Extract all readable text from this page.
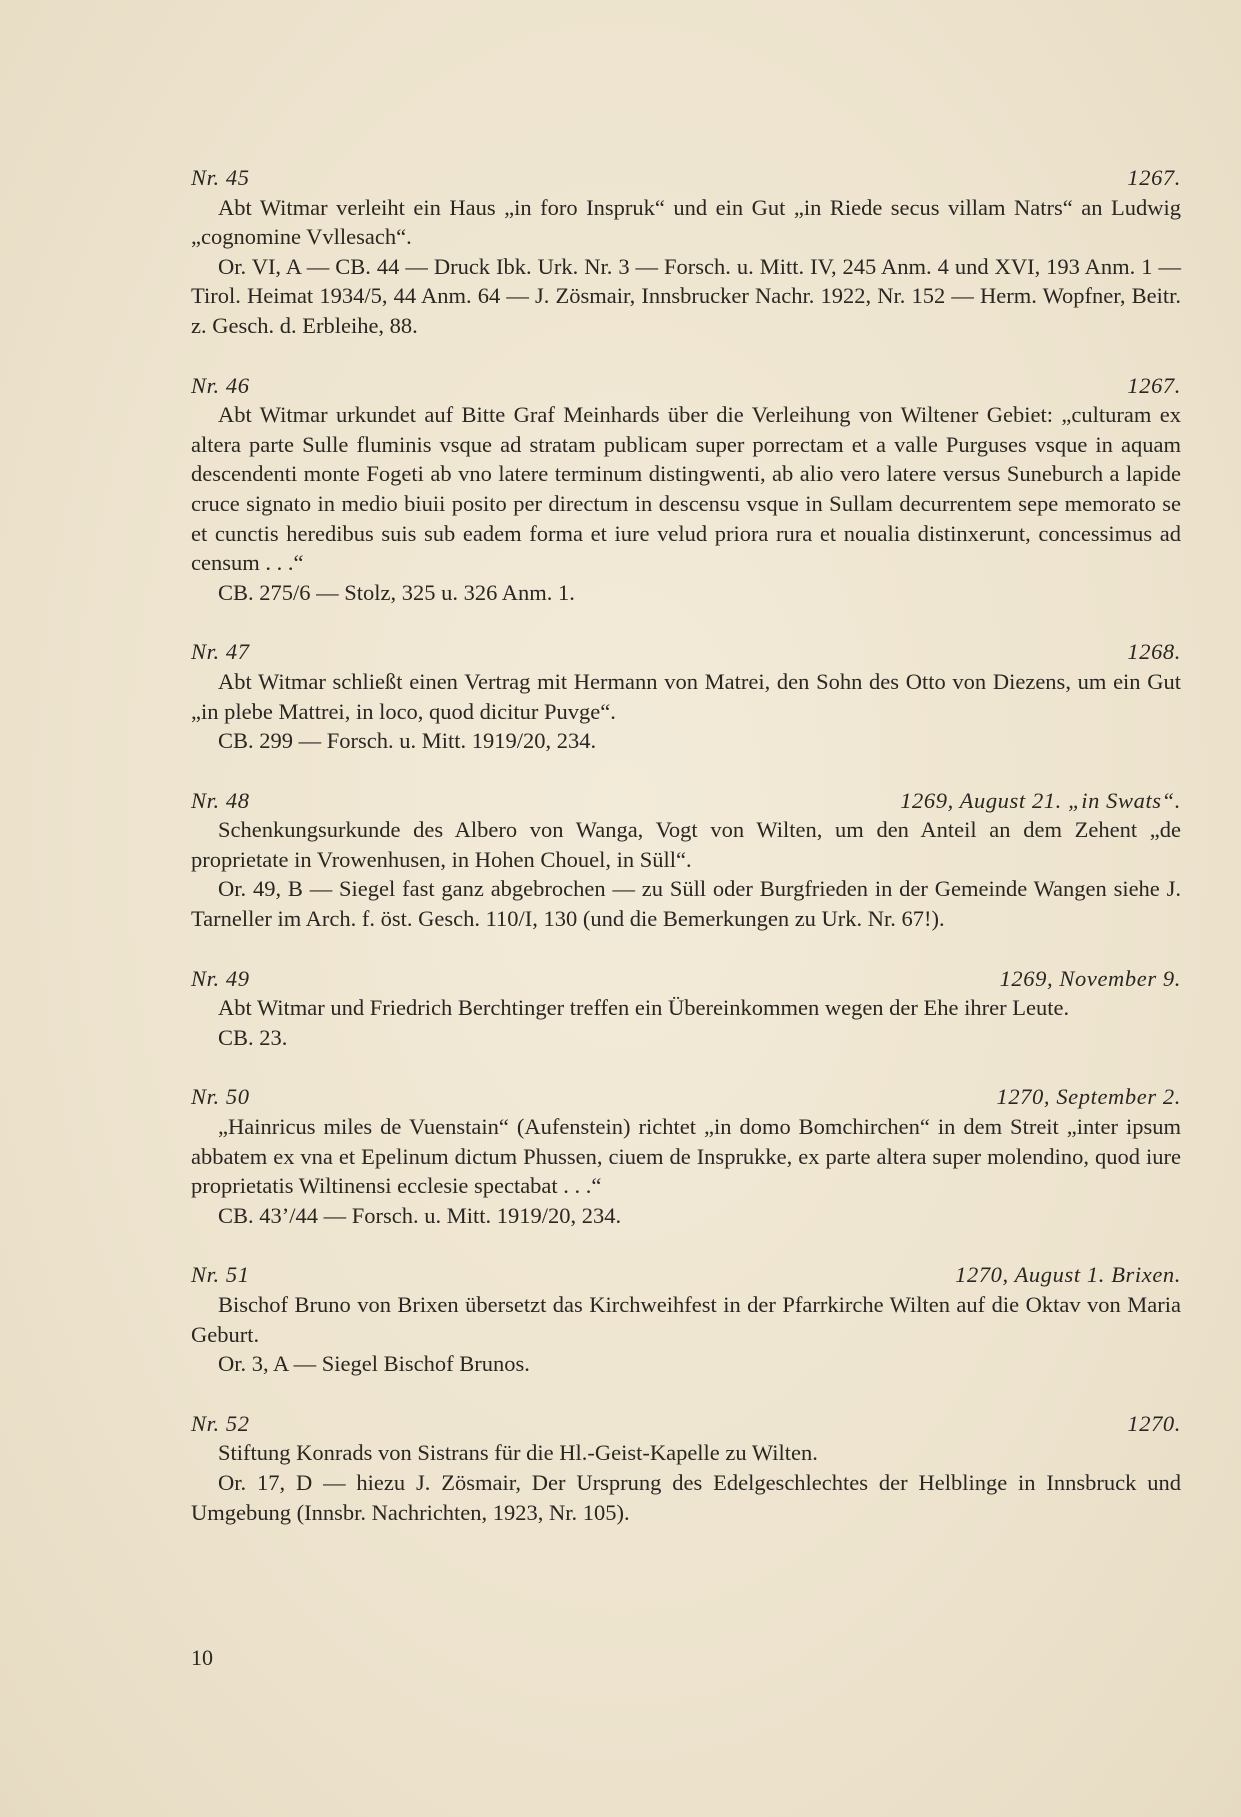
Nr. 45	1267.

Abt Witmar verleiht ein Haus „in foro Inspruk“ und ein Gut „in Riede secus villam Natrs“ an Ludwig „cognomine Vvllesach“.

Or. VI, A — CB. 44 — Druck Ibk. Urk. Nr. 3 — Forsch. u. Mitt. IV, 245 Anm. 4 und XVI, 193 Anm. 1 — Tirol. Heimat 1934/5, 44 Anm. 64 — J. Zösmair, Innsbrucker Nachr. 1922, Nr. 152 — Herm. Wopfner, Beitr. z. Gesch. d. Erbleihe, 88.

Nr. 46	1267.

Abt Witmar urkundet auf Bitte Graf Meinhards über die Verleihung von Wiltener Gebiet: „culturam ex altera parte Sulle fluminis vsque ad stratam publicam super porrectam et a valle Purguses vsque in aquam descendenti monte Fogeti ab vno latere terminum distingwenti, ab alio vero latere versus Suneburch a lapide cruce signato in medio biuii posito per directum in descensu vsque in Sullam decurrentem sepe memorato se et cunctis heredibus suis sub eadem forma et iure velud priora rura et noualia distinxerunt, concessimus ad censum . . .“

CB. 275/6 — Stolz, 325 u. 326 Anm. 1.

Nr. 47	1268.

Abt Witmar schließt einen Vertrag mit Hermann von Matrei, den Sohn des Otto von Diezens, um ein Gut „in plebe Mattrei, in loco, quod dicitur Puvge“.

CB. 299 — Forsch. u. Mitt. 1919/20, 234.

Nr. 48	1269, August 21. „in Swats“.

Schenkungsurkunde des Albero von Wanga, Vogt von Wilten, um den Anteil an dem Zehent „de proprietate in Vrowenhusen, in Hohen Chouel, in Süll“.

Or. 49, B — Siegel fast ganz abgebrochen — zu Süll oder Burgfrieden in der Gemeinde Wangen siehe J. Tarneller im Arch. f. öst. Gesch. 110/I, 130 (und die Bemerkungen zu Urk. Nr. 67!).

Nr. 49	1269, November 9.

Abt Witmar und Friedrich Berchtinger treffen ein Übereinkommen wegen der Ehe ihrer Leute.

CB. 23.

Nr. 50	1270, September 2.

„Hainricus miles de Vuenstain“ (Aufenstein) richtet „in domo Bomchirchen“ in dem Streit „inter ipsum abbatem ex vna et Epelinum dictum Phussen, ciuem de Insprukke, ex parte altera super molendino, quod iure proprietatis Wiltinensi ecclesie spectabat . . .“

CB. 43’/44 — Forsch. u. Mitt. 1919/20, 234.

Nr. 51	1270, August 1. Brixen.

Bischof Bruno von Brixen übersetzt das Kirchweihfest in der Pfarrkirche Wilten auf die Oktav von Maria Geburt.

Or. 3, A — Siegel Bischof Brunos.

Nr. 52	1270.

Stiftung Konrads von Sistrans für die Hl.-Geist-Kapelle zu Wilten.

Or. 17, D — hiezu J. Zösmair, Der Ursprung des Edelgeschlechtes der Helblinge in Innsbruck und Umgebung (Innsbr. Nachrichten, 1923, Nr. 105).

10
